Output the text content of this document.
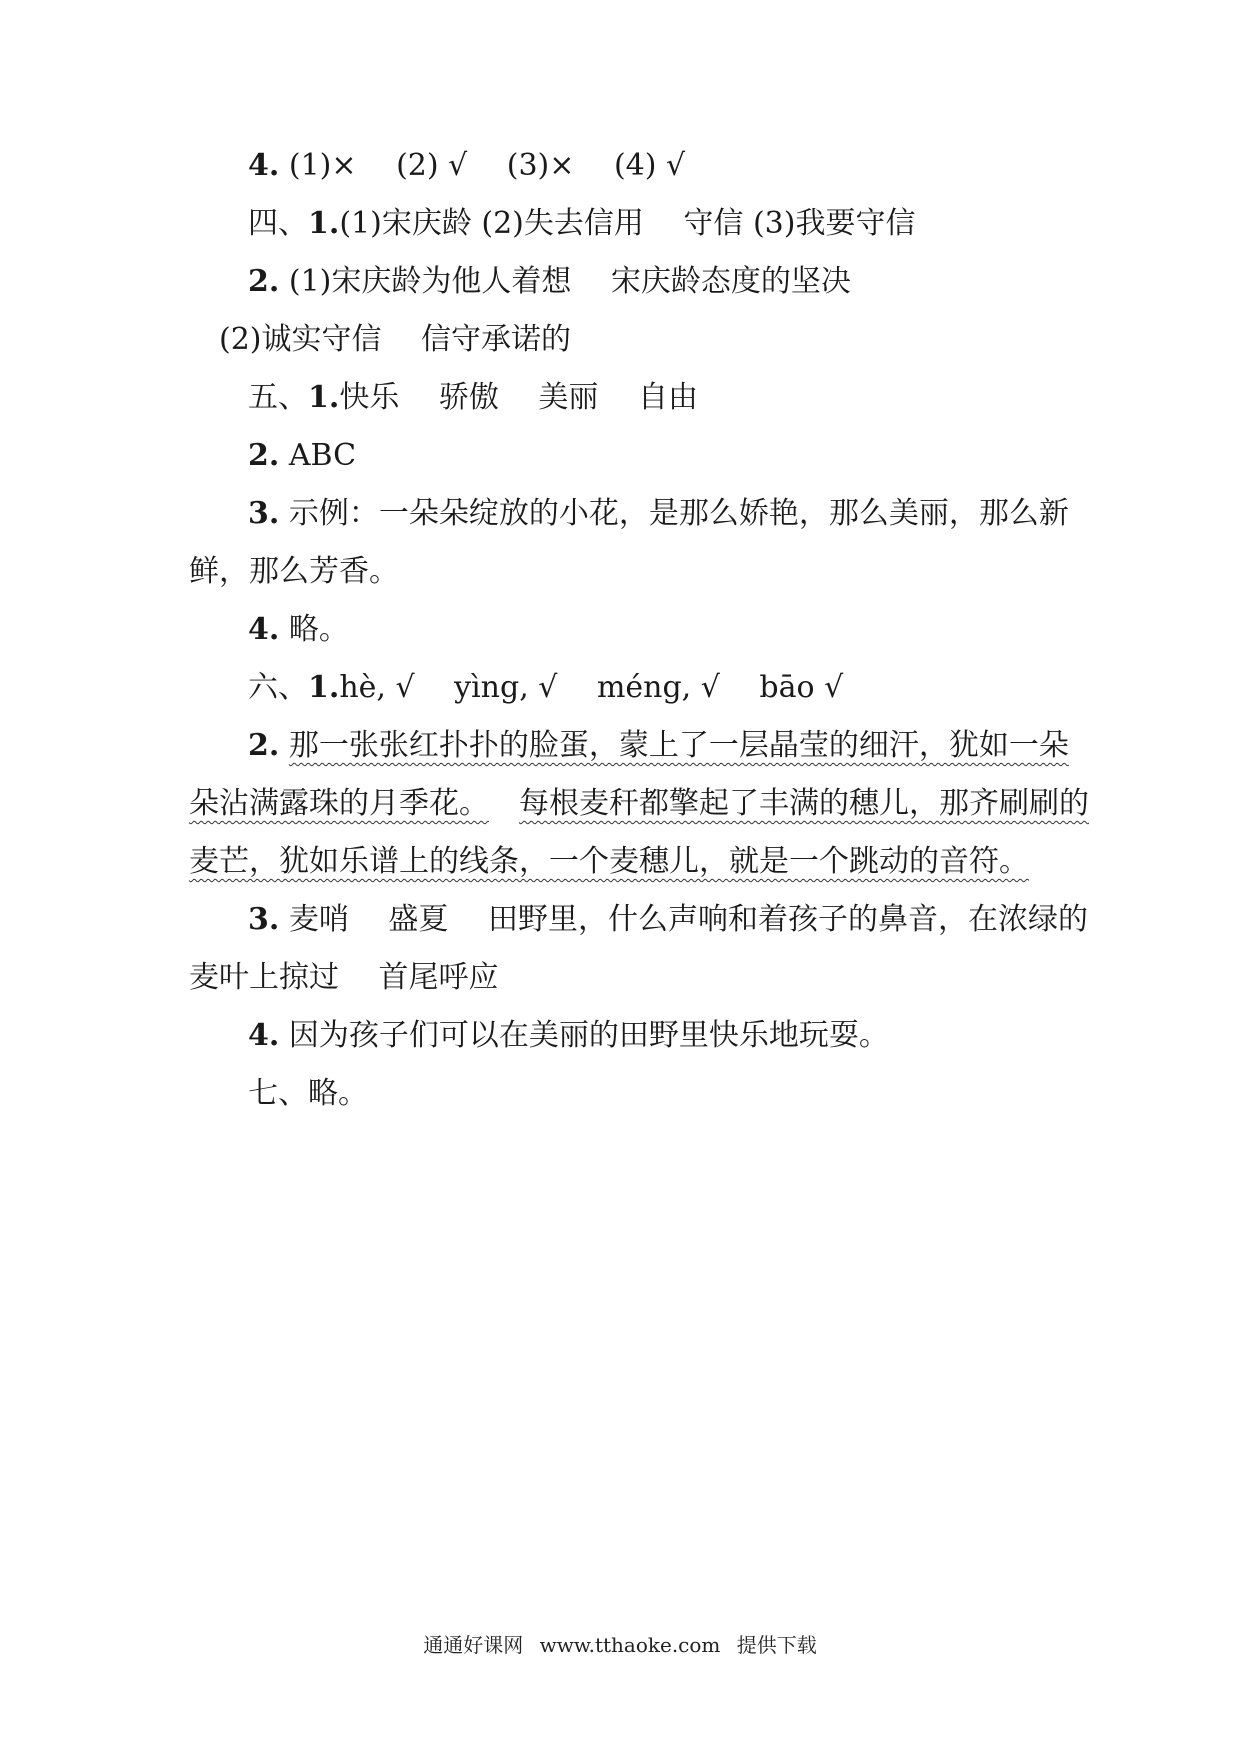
4. (1)× (2) √ (3)× (4) √
四、1.(1)宋庆龄 (2)失去信用 守信 (3)我要守信
2. (1)宋庆龄为他人着想 宋庆龄态度的坚决
(2)诚实守信 信守承诺的
五、1.快乐 骄傲 美丽 自由
2. ABC
3. 示例：一朵朵绽放的小花，是那么娇艳，那么美丽，那么新
鲜，那么芳香。
4. 略。
六、1.hè, √ yìng, √ méng, √ bāo √
2. 那一张张红扑扑的脸蛋，蒙上了一层晶莹的细汗，犹如一朵
朵沾满露珠的月季花。 每根麦秆都擎起了丰满的穗儿，那齐刷刷的
麦芒，犹如乐谱上的线条，一个麦穗儿，就是一个跳动的音符。
3. 麦哨 盛夏 田野里，什么声响和着孩子的鼻音，在浓绿的
麦叶上掠过 首尾呼应
4. 因为孩子们可以在美丽的田野里快乐地玩耍。
七、略。
通通好课网 www.tthaoke.com 提供下载
